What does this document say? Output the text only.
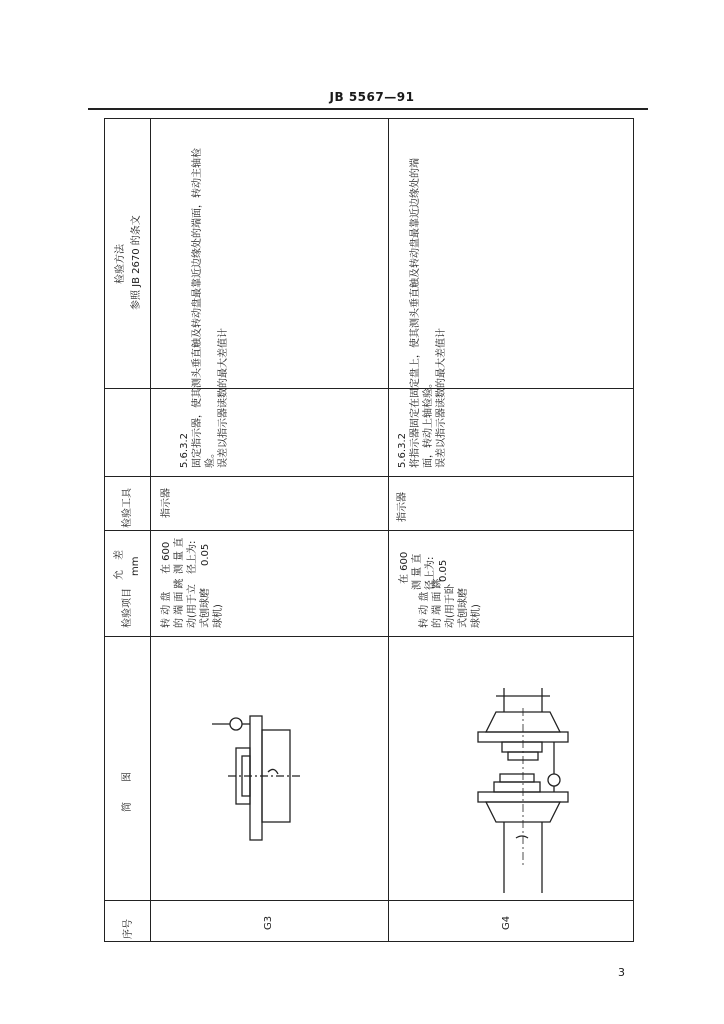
JB 5567—91
序号
简　　图
检验项目
允　差 mm
检验工具
检验方法 参照 JB 2670 的条文
G3
转 动 盘 的 端 面 跳 动(用于立 式刨球磨 球机)
在 600 测 量 直 径上为: 0.05
指示器
5.6.3.2 固定指示器，使其测头垂直触及转动盘最靠近边缘处的端面，转动主轴检 验。 误差以指示器读数的最大差值计
G4
转 动 盘 的 端 面 跳 动(用于卧 式刨球磨 球机)
在 600 测 量 直 径上为: 0.05
指示器
5.6.3.2 将指示器固定在固定盘上，使其测头垂直触及转动盘最靠近边缘处的端 面，转动上轴检验。 误差以指示器读数的最大差值计
3
